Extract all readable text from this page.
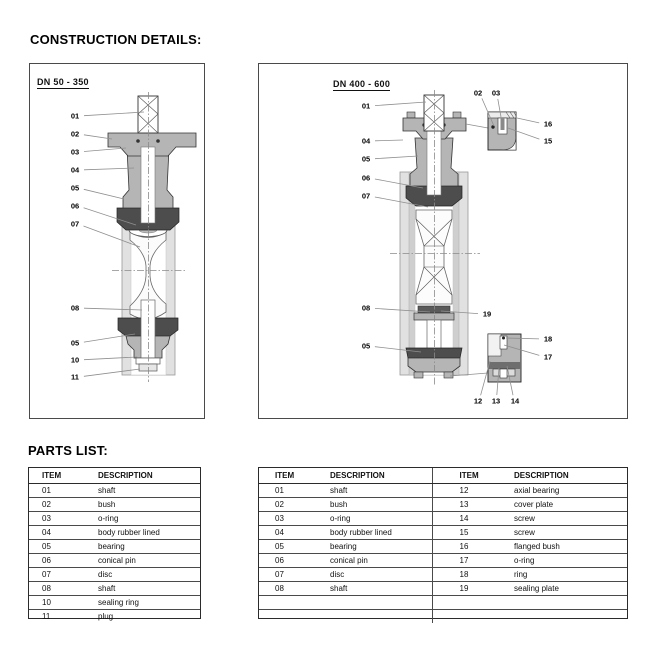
CONSTRUCTION DETAILS:
DN 50 - 350	DN 400 - 600
PARTS LIST:
ITEM	DESCRIPTION
01	shaft
02	bush
03	o-ring
04	body rubber lined
05	bearing
06	conical pin
07	disc
08	shaft
10	sealing ring
11	plug
ITEM	DESCRIPTION	ITEM	DESCRIPTION
01	shaft	12	axial bearing
02	bush	13	cover plate
03	o-ring	14	screw
04	body rubber lined	15	screw
05	bearing	16	flanged bush
06	conical pin	17	o-ring
07	disc	18	ring
08	shaft	19	sealing plate

01
02
03
04
05
06
07
08
05
10
11
01
04
05
06
07
08
05
02 03
16
15
19
18
17
12 13 14
